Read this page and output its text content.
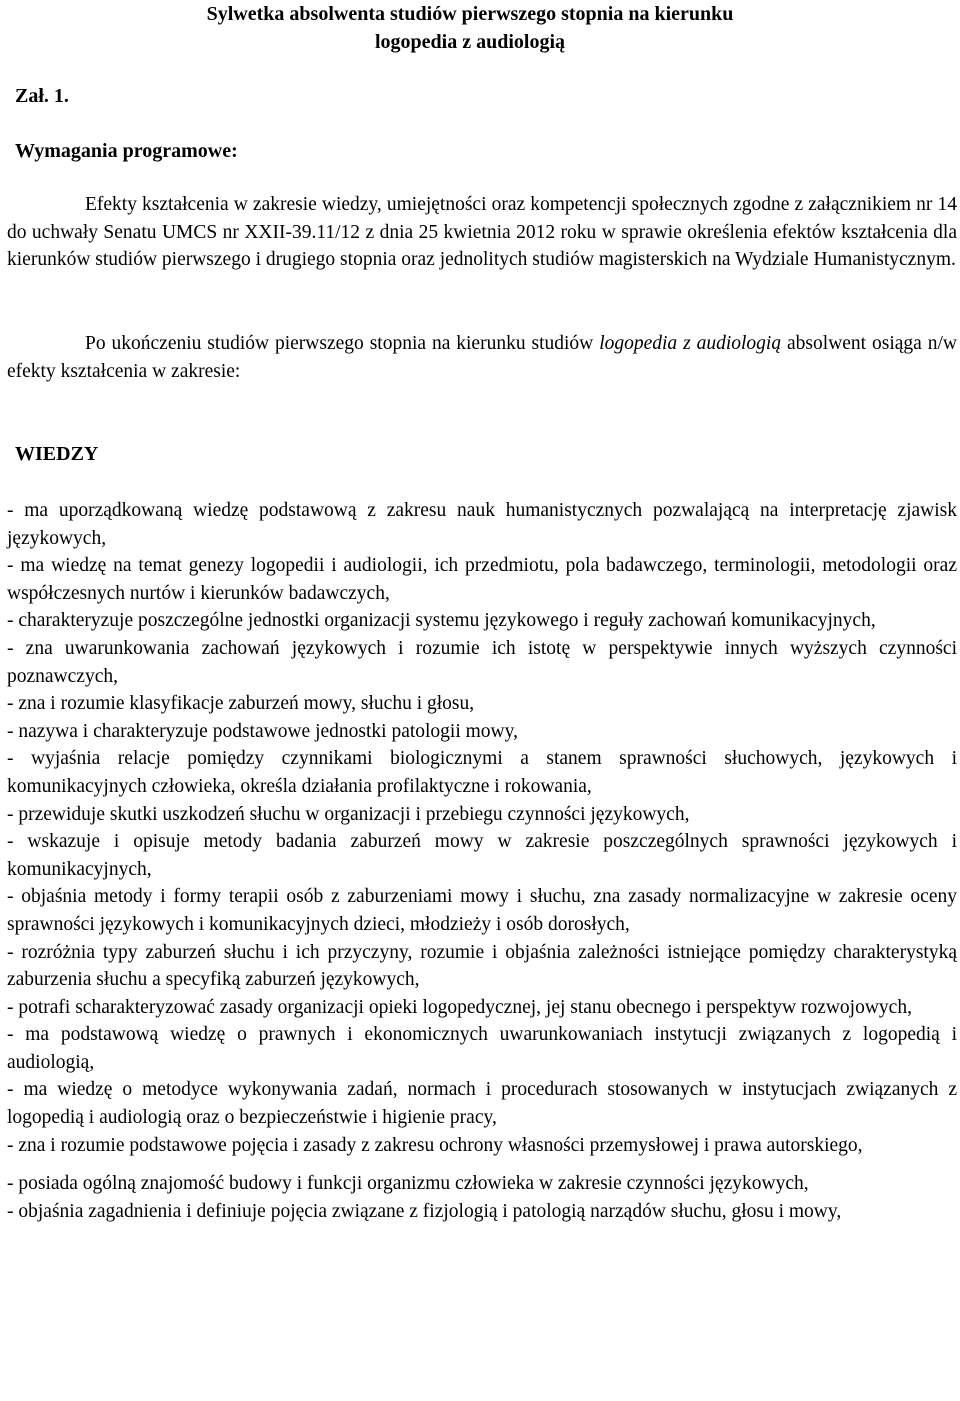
Sylwetka absolwenta studiów pierwszego stopnia na kierunku
logopedia z audiologią
Zał. 1.
Wymagania programowe:
Efekty kształcenia w zakresie wiedzy, umiejętności oraz kompetencji społecznych zgodne z załącznikiem nr 14 do uchwały Senatu UMCS nr XXII-39.11/12 z dnia 25 kwietnia 2012 roku w sprawie określenia efektów kształcenia dla kierunków studiów pierwszego i drugiego stopnia oraz jednolitych studiów magisterskich na Wydziale Humanistycznym.
Po ukończeniu studiów pierwszego stopnia na kierunku studiów logopedia z audiologią absolwent osiąga n/w efekty kształcenia w zakresie:
WIEDZY
- ma uporządkowaną wiedzę podstawową z zakresu nauk humanistycznych pozwalającą na interpretację zjawisk językowych,
- ma wiedzę na temat genezy logopedii i audiologii, ich przedmiotu, pola badawczego, terminologii, metodologii oraz współczesnych nurtów i kierunków badawczych,
- charakteryzuje poszczególne jednostki organizacji systemu językowego i reguły zachowań komunikacyjnych,
- zna uwarunkowania zachowań językowych i rozumie ich istotę w perspektywie innych wyższych czynności poznawczych,
- zna i rozumie klasyfikacje zaburzeń mowy, słuchu i głosu,
- nazywa i charakteryzuje podstawowe jednostki patologii mowy,
- wyjaśnia relacje pomiędzy czynnikami biologicznymi a stanem sprawności słuchowych, językowych i komunikacyjnych człowieka, określa działania profilaktyczne i rokowania,
- przewiduje skutki uszkodzeń słuchu w organizacji i przebiegu czynności językowych,
- wskazuje i opisuje metody badania zaburzeń mowy w zakresie poszczególnych sprawności językowych i komunikacyjnych,
- objaśnia metody i formy terapii osób z zaburzeniami mowy i słuchu, zna zasady normalizacyjne w zakresie oceny sprawności językowych i komunikacyjnych dzieci, młodzieży i osób dorosłych,
- rozróżnia typy zaburzeń słuchu i ich przyczyny, rozumie i objaśnia zależności istniejące pomiędzy charakterystyką zaburzenia słuchu a specyfiką zaburzeń językowych,
- potrafi scharakteryzować zasady organizacji opieki logopedycznej, jej stanu obecnego i perspektyw rozwojowych,
- ma podstawową wiedzę o prawnych i ekonomicznych uwarunkowaniach instytucji związanych z logopedią i audiologią,
- ma wiedzę o metodyce wykonywania zadań, normach i procedurach stosowanych w instytucjach związanych z logopedią i audiologią oraz o bezpieczeństwie i higienie pracy,
- zna i rozumie podstawowe pojęcia i zasady z zakresu ochrony własności przemysłowej i prawa autorskiego,
- posiada ogólną znajomość budowy i funkcji organizmu człowieka w zakresie czynności językowych,
- objaśnia zagadnienia i definiuje pojęcia związane z fizjologią i patologią narządów słuchu, głosu i mowy,
